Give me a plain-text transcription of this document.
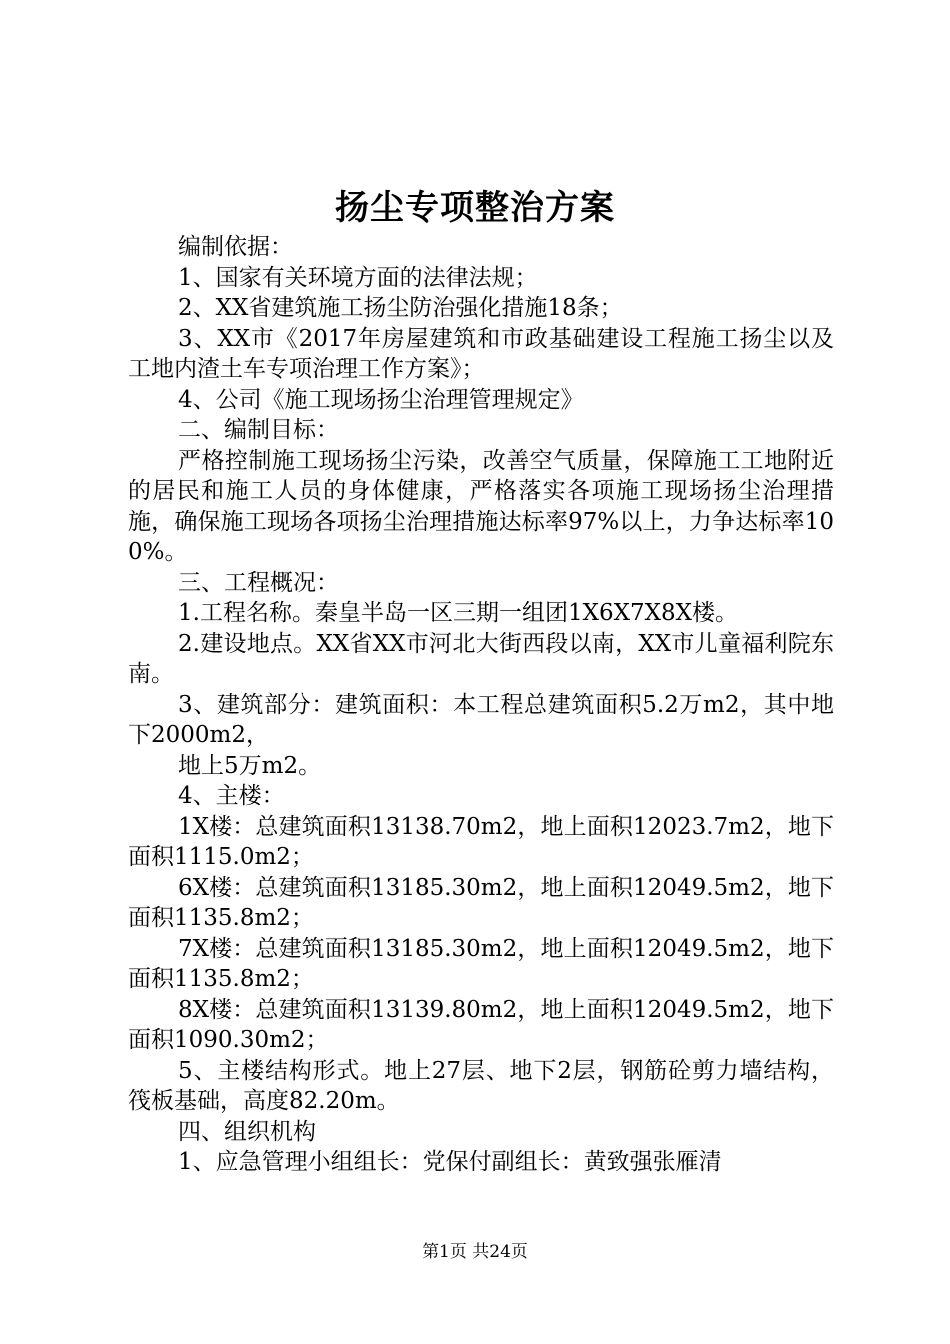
扬尘专项整治方案

编制依据：

1、国家有关环境方面的法律法规；

2、XX省建筑施工扬尘防治强化措施18条；

3、XX市《2017年房屋建筑和市政基础建设工程施工扬尘以及工地内渣土车专项治理工作方案》；

4、公司《施工现场扬尘治理管理规定》

二、编制目标：

严格控制施工现场扬尘污染，改善空气质量，保障施工工地附近的居民和施工人员的身体健康，严格落实各项施工现场扬尘治理措施，确保施工现场各项扬尘治理措施达标率97%以上，力争达标率100%。

三、工程概况：

1.工程名称。秦皇半岛一区三期一组团1X6X7X8X楼。

2.建设地点。XX省XX市河北大街西段以南，XX市儿童福利院东南。

3、建筑部分：建筑面积：本工程总建筑面积5.2万m2，其中地下2000m2，

地上5万m2。

4、主楼：

1X楼：总建筑面积13138.70m2，地上面积12023.7m2，地下面积1115.0m2；

6X楼：总建筑面积13185.30m2，地上面积12049.5m2，地下面积1135.8m2；

7X楼：总建筑面积13185.30m2，地上面积12049.5m2，地下面积1135.8m2；

8X楼：总建筑面积13139.80m2，地上面积12049.5m2，地下面积1090.30m2；

5、主楼结构形式。地上27层、地下2层，钢筋砼剪力墙结构，筏板基础，高度82.20m。

四、组织机构

1、应急管理小组组长：党保付副组长：黄致强张雁清

第1页 共24页
